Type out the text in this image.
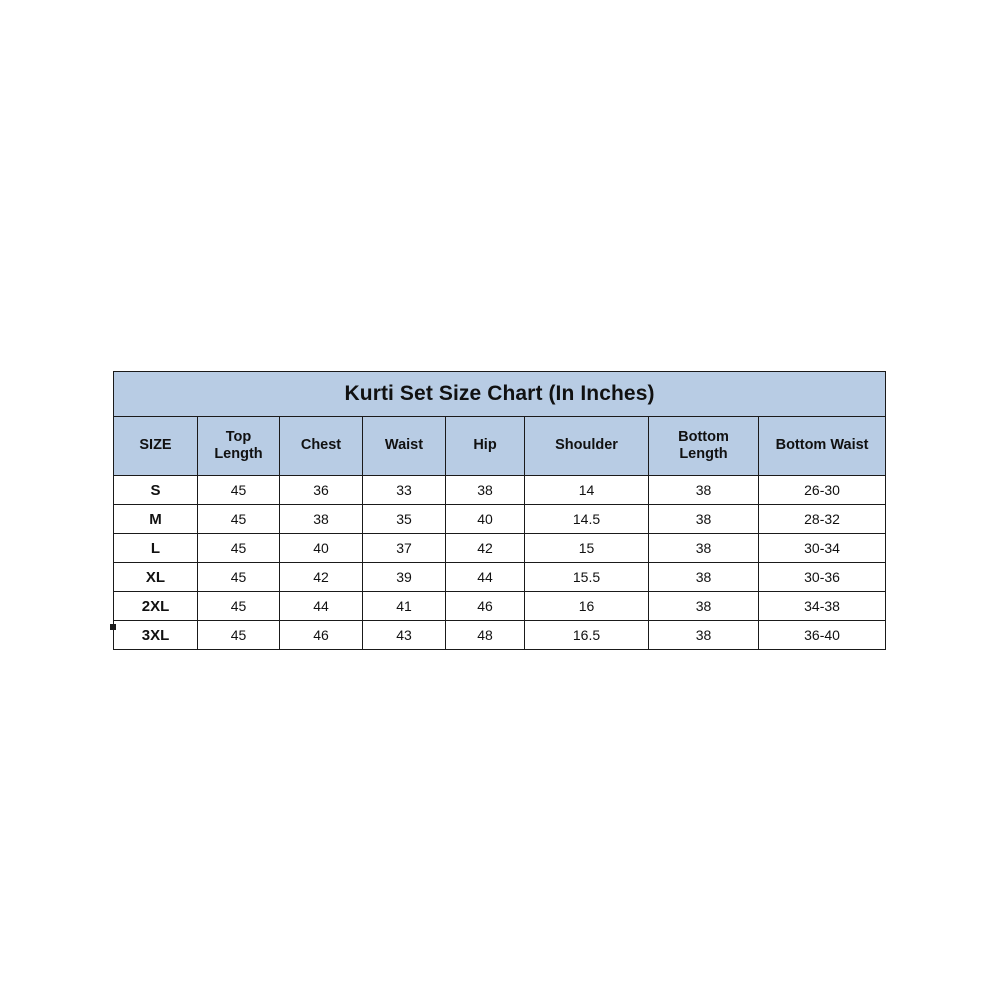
Kurti Set Size Chart (In Inches)							
SIZE	Top Length	Chest	Waist	Hip	Shoulder	Bottom Length	Bottom Waist
S	45	36	33	38	14	38	26-30
M	45	38	35	40	14.5	38	28-32
L	45	40	37	42	15	38	30-34
XL	45	42	39	44	15.5	38	30-36
2XL	45	44	41	46	16	38	34-38
3XL	45	46	43	48	16.5	38	36-40
